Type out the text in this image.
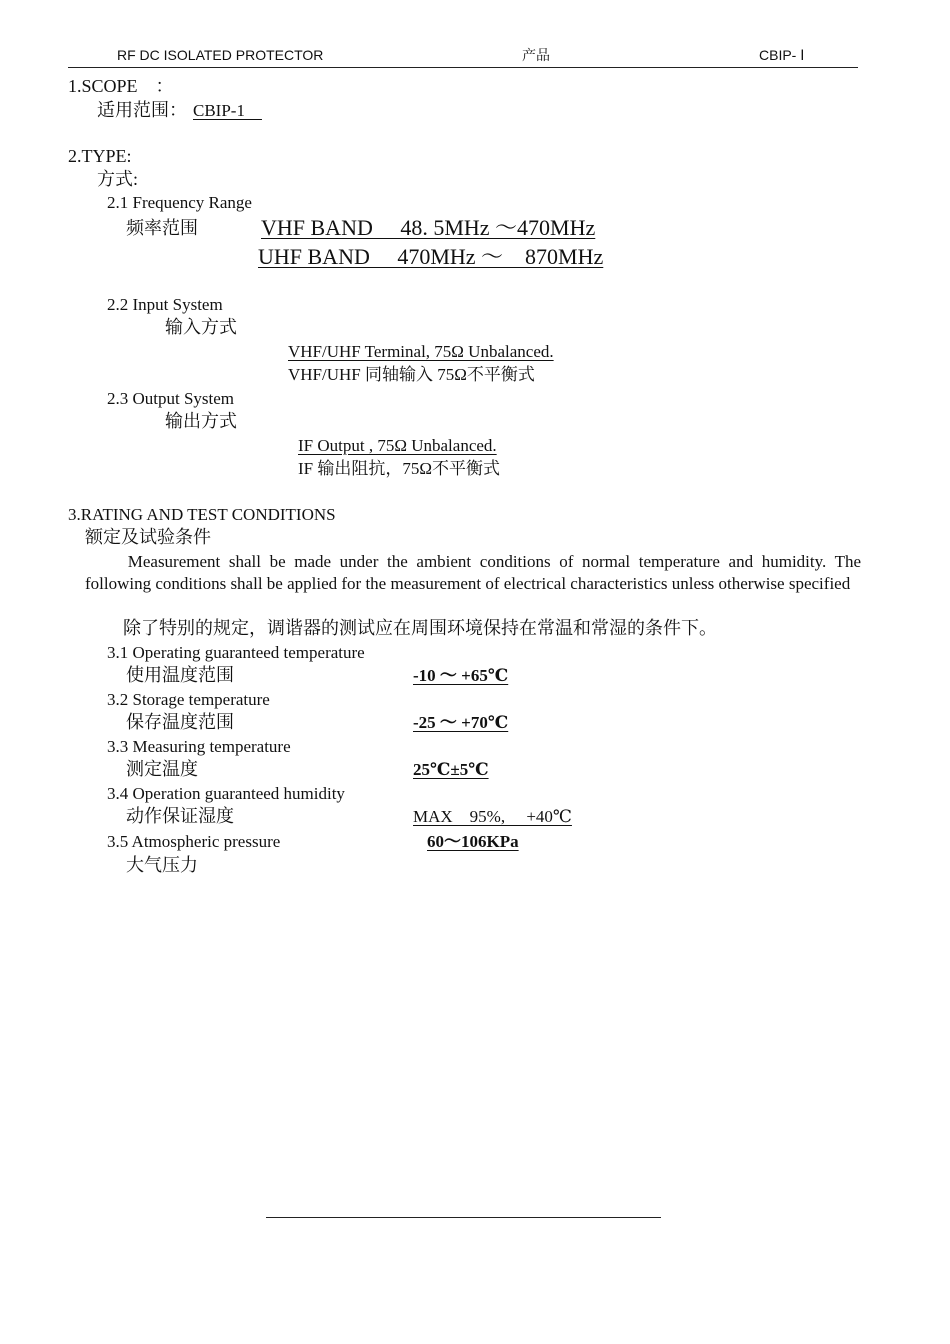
RF DC ISOLATED PROTECTOR	产品	CBIP- Ⅰ
1.SCOPE　：
适用范围： CBIP-1　
2.TYPE:
方式:
2.1 Frequency Range
频率范围	VHF BAND 　48. 5MHz ～470MHz
UHF BAND 　470MHz ～　870MHz
2.2 Input System
输入方式
VHF/UHF Terminal, 75Ω Unbalanced.
VHF/UHF 同轴输入 75Ω不平衡式
2.3 Output System
输出方式
IF Output , 75Ω Unbalanced.
IF 输出阻抗，75Ω不平衡式
3.RATING AND TEST CONDITIONS
额定及试验条件
　　Measurement shall be made under the ambient conditions of normal temperature and humidity. The following conditions shall be applied for the measurement of electrical characteristics unless otherwise specified
除了特别的规定，调谐器的测试应在周围环境保持在常温和常湿的条件下。
3.1 Operating guaranteed temperature
使用温度范围	-10 ～ +65℃
3.2 Storage temperature
保存温度范围	-25 ～ +70℃
3.3 Measuring temperature
测定温度	25℃±5℃
3.4 Operation guaranteed humidity
动作保证湿度	MAX　95%,　 +40℃
3.5 Atmospheric pressure	60～106KPa
大气压力
